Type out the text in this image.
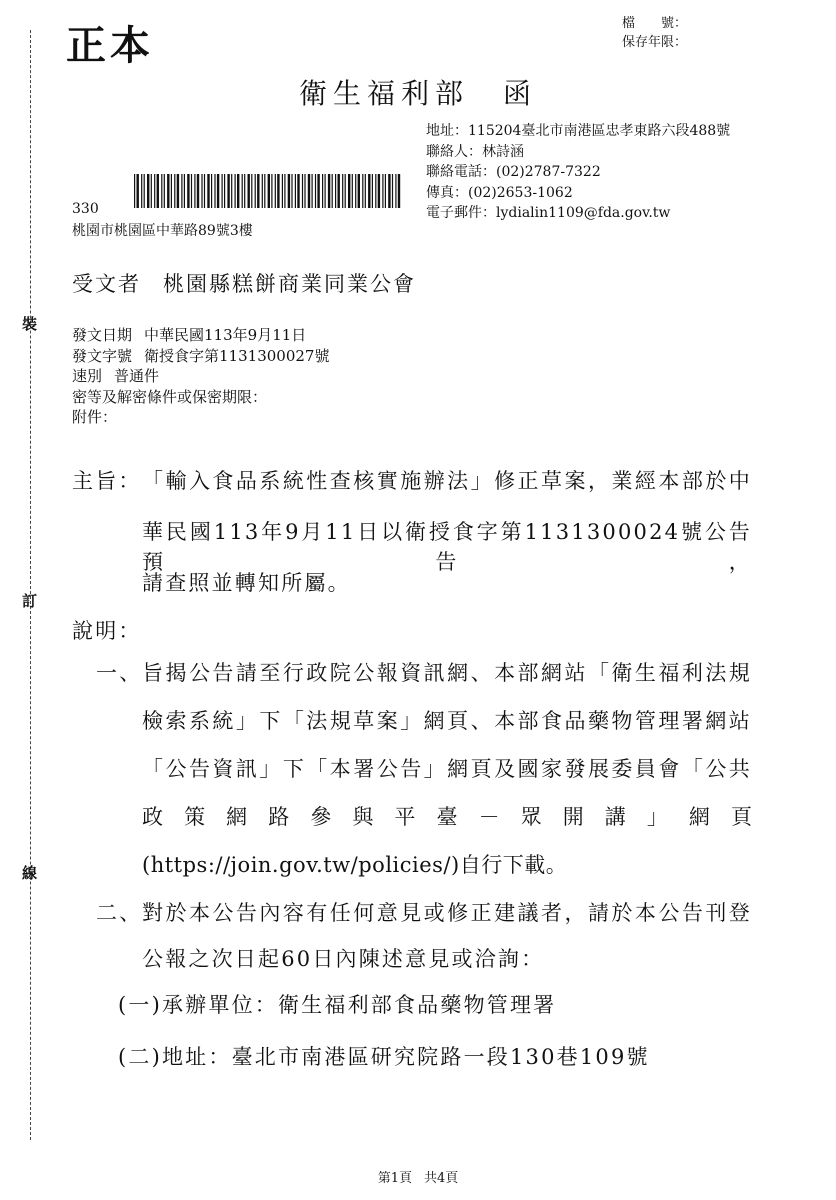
裝
訂
線
正本	檔　　號：
保存年限：
衛生福利部　函
地址：115204臺北市南港區忠孝東路六段488號
聯絡人：林詩涵
聯絡電話：(02)2787-7322
傳真：(02)2653-1062
電子郵件：lydialin1109@fda.gov.tw
330
桃園市桃園區中華路89號3樓
受文者 桃園縣糕餅商業同業公會
發文日期 中華民國113年9月11日
發文字號 衛授食字第1131300027號
速別 普通件
密等及解密條件或保密期限：
附件：
主旨： 「輸入食品系統性查核實施辦法」修正草案，業經本部於中
華民國113年9月11日以衛授食字第1131300024號公告預告，
請查照並轉知所屬。
說明：
一、 旨揭公告請至行政院公報資訊網、本部網站「衛生福利法規
檢索系統」下「法規草案」網頁、本部食品藥物管理署網站
「公告資訊」下「本署公告」網頁及國家發展委員會「公共
政策網路參與平臺－眾開講」網頁
(https://join.gov.tw/policies/)自行下載。
二、 對於本公告內容有任何意見或修正建議者，請於本公告刊登
公報之次日起60日內陳述意見或洽詢：
(一)承辦單位：衛生福利部食品藥物管理署
(二)地址：臺北市南港區研究院路一段130巷109號
第1頁 共4頁
